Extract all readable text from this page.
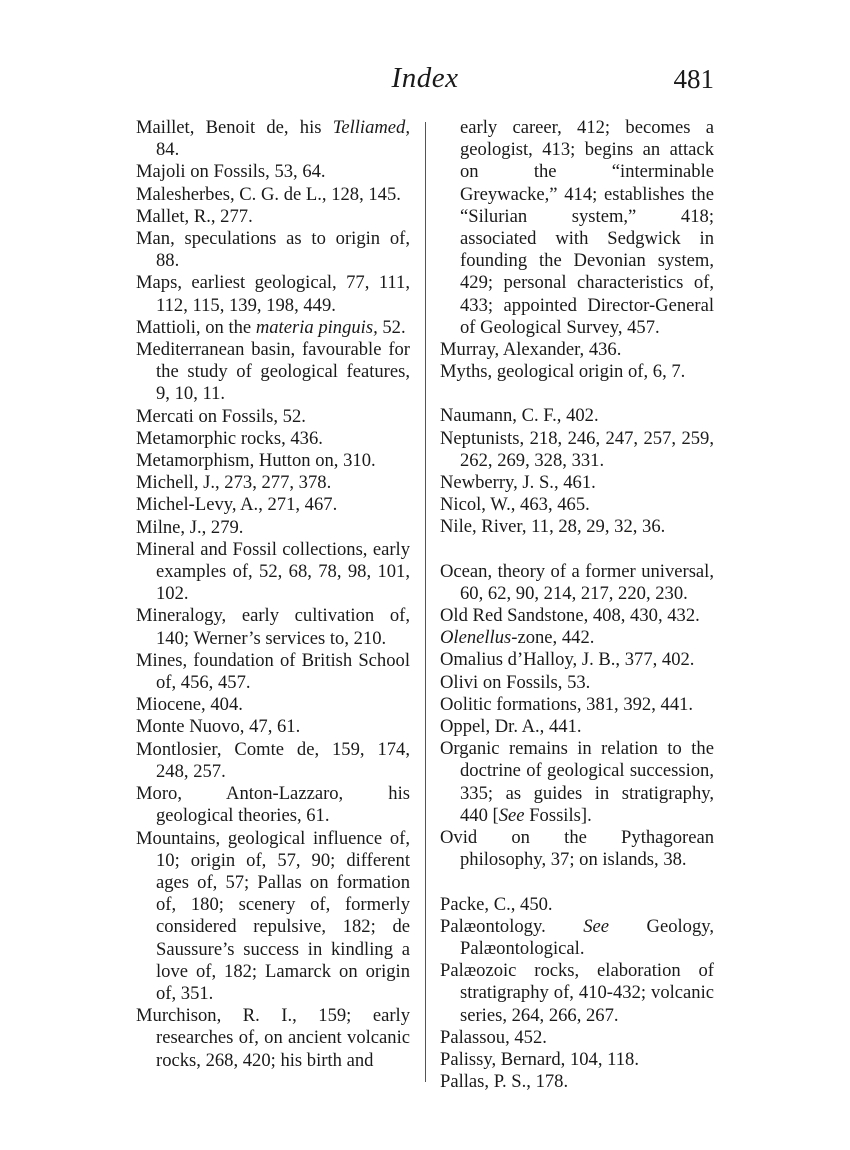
Index	481

Maillet, Benoit de, his Telliamed, 84.

Majoli on Fossils, 53, 64.

Malesherbes, C. G. de L., 128, 145.

Mallet, R., 277.

Man, speculations as to origin of, 88.

Maps, earliest geological, 77, 111, 112, 115, 139, 198, 449.

Mattioli, on the materia pinguis, 52.

Mediterranean basin, favourable for the study of geological features, 9, 10, 11.

Mercati on Fossils, 52.

Metamorphic rocks, 436.

Metamorphism, Hutton on, 310.

Michell, J., 273, 277, 378.

Michel-Levy, A., 271, 467.

Milne, J., 279.

Mineral and Fossil collections, early examples of, 52, 68, 78, 98, 101, 102.

Mineralogy, early cultivation of, 140; Werner’s services to, 210.

Mines, foundation of British School of, 456, 457.

Miocene, 404.

Monte Nuovo, 47, 61.

Montlosier, Comte de, 159, 174, 248, 257.

Moro, Anton-Lazzaro, his geological theories, 61.

Mountains, geological influence of, 10; origin of, 57, 90; different ages of, 57; Pallas on formation of, 180; scenery of, formerly considered repulsive, 182; de Saussure’s success in kindling a love of, 182; Lamarck on origin of, 351.

Murchison, R. I., 159; early researches of, on ancient volcanic rocks, 268, 420; his birth and

early career, 412; becomes a geologist, 413; begins an attack on the “interminable Greywacke,” 414; establishes the “Silurian system,” 418; associated with Sedgwick in founding the Devonian system, 429; personal characteristics of, 433; appointed Director-General of Geological Survey, 457.

Murray, Alexander, 436.

Myths, geological origin of, 6, 7.

Naumann, C. F., 402.

Neptunists, 218, 246, 247, 257, 259, 262, 269, 328, 331.

Newberry, J. S., 461.

Nicol, W., 463, 465.

Nile, River, 11, 28, 29, 32, 36.

Ocean, theory of a former universal, 60, 62, 90, 214, 217, 220, 230.

Old Red Sandstone, 408, 430, 432.

Olenellus-zone, 442.

Omalius d’Halloy, J. B., 377, 402.

Olivi on Fossils, 53.

Oolitic formations, 381, 392, 441.

Oppel, Dr. A., 441.

Organic remains in relation to the doctrine of geological succession, 335; as guides in stratigraphy, 440 [See Fossils].

Ovid on the Pythagorean philosophy, 37; on islands, 38.

Packe, C., 450.

Palæontology. See Geology, Palæontological.

Palæozoic rocks, elaboration of stratigraphy of, 410-432; volcanic series, 264, 266, 267.

Palassou, 452.

Palissy, Bernard, 104, 118.

Pallas, P. S., 178.
